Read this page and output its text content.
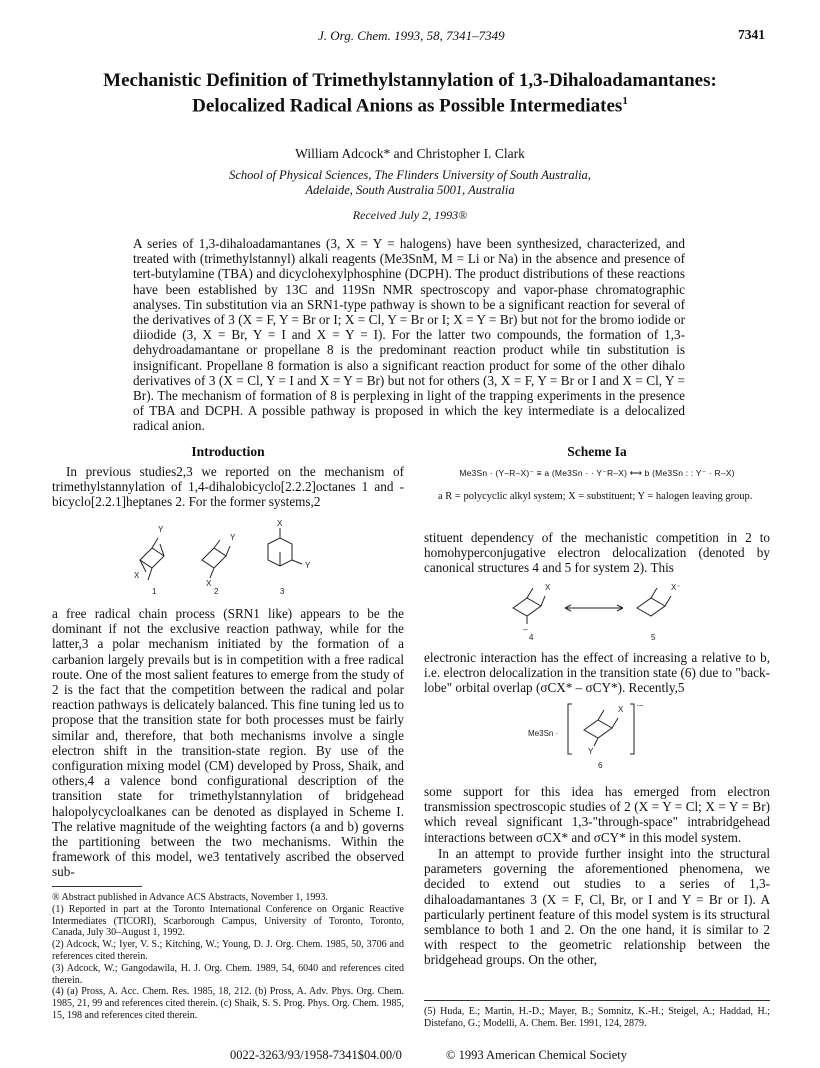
J. Org. Chem. 1993, 58, 7341–7349	7341
Mechanistic Definition of Trimethylstannylation of 1,3-Dihaloadamantanes: Delocalized Radical Anions as Possible Intermediates$^1$
William Adcock* and Christopher I. Clark
School of Physical Sciences, The Flinders University of South Australia,
Adelaide, South Australia 5001, Australia
Received July 2, 1993®
A series of 1,3-dihaloadamantanes (3, X = Y = halogens) have been synthesized, characterized, and treated with (trimethylstannyl) alkali reagents (Me3SnM, M = Li or Na) in the absence and presence of tert-butylamine (TBA) and dicyclohexylphosphine (DCPH). The product distributions of these reactions have been established by 13C and 119Sn NMR spectroscopy and vapor-phase chromatographic analyses. Tin substitution via an SRN1-type pathway is shown to be a significant reaction for several of the derivatives of 3 (X = F, Y = Br or I; X = Cl, Y = Br or I; X = Y = Br) but not for the bromo iodide or diiodide (3, X = Br, Y = I and X = Y = I). For the latter two compounds, the formation of 1,3-dehydroadamantane or propellane 8 is the predominant reaction product while tin substitution is insignificant. Propellane 8 formation is also a significant reaction product for some of the other dihalo derivatives of 3 (X = Cl, Y = I and X = Y = Br) but not for others (3, X = F, Y = Br or I and X = Cl, Y = Br). The mechanism of formation of 8 is perplexing in light of the trapping experiments in the presence of TBA and DCPH. A possible pathway is proposed in which the key intermediate is a delocalized radical anion.
Introduction

In previous studies2,3 we reported on the mechanism of trimethylstannylation of 1,4-dihalobicyclo[2.2.2]octanes 1 and -bicyclo[2.2.1]heptanes 2. For the former systems,2

Y
X
Y
X
X
Y
1	2	3

a free radical chain process (SRN1 like) appears to be the dominant if not the exclusive reaction pathway, while for the latter,3 a polar mechanism initiated by the formation of a carbanion largely prevails but is in competition with a free radical route. One of the most salient features to emerge from the study of 2 is the fact that the competition between the radical and polar reaction pathways is delicately balanced. This fine tuning led us to propose that the transition state for both processes must be fairly similar and, therefore, that both mechanisms involve a single electron shift in the transition-state region. By use of the configuration mixing model (CM) developed by Pross, Shaik, and others,4 a valence bond configurational description of the transition state for trimethylstannylation of bridgehead halopolycycloalkanes can be denoted as displayed in Scheme I. The relative magnitude of the weighting factors (a and b) governs the partitioning between the two mechanisms. Within the framework of this model, we3 tentatively ascribed the observed sub-

® Abstract published in Advance ACS Abstracts, November 1, 1993.
(1) Reported in part at the Toronto International Conference on Organic Reactive Intermediates (TICORI), Scarborough Campus, University of Toronto, Toronto, Canada, July 30–August 1, 1992.
(2) Adcock, W.; Iyer, V. S.; Kitching, W.; Young, D. J. Org. Chem. 1985, 50, 3706 and references cited therein.
(3) Adcock, W.; Gangodawila, H. J. Org. Chem. 1989, 54, 6040 and references cited therein.
(4) (a) Pross, A. Acc. Chem. Res. 1985, 18, 212. (b) Pross, A. Adv. Phys. Org. Chem. 1985, 21, 99 and references cited therein. (c) Shaik, S. S. Prog. Phys. Org. Chem. 1985, 15, 198 and references cited therein.
Scheme Ia
Me3Sn · (Y–R–X)⁻ ≡ a (Me3Sn · · Y⁻R–X) ⟷ b (Me3Sn : : Y⁻ · R–X)
a R = polycyclic alkyl system; X = substituent; Y = halogen leaving group.

stituent dependency of the mechanistic competition in 2 to homohyperconjugative electron delocalization (denoted by canonical structures 4 and 5 for system 2). This

X
–
X⁻
4	5

electronic interaction has the effect of increasing a relative to b, i.e. electron delocalization in the transition state (6) due to "back-lobe" orbital overlap (σCX* – σCY*). Recently,5

Me3Sn ·
X
Y
·−
6

some support for this idea has emerged from electron transmission spectroscopic studies of 2 (X = Y = Cl; X = Y = Br) which reveal significant 1,3-"through-space" intrabridgehead interactions between σCX* and σCY* in this model system.

In an attempt to provide further insight into the structural parameters governing the aforementioned phenomena, we decided to extend out studies to a series of 1,3-dihaloadamantanes 3 (X = F, Cl, Br, or I and Y = Br or I). A particularly pertinent feature of this model system is its structural semblance to both 1 and 2. On the one hand, it is similar to 2 with respect to the geometric relationship between the bridgehead groups. On the other,

(5) Huda, E.; Martin, H.-D.; Mayer, B.; Somnitz, K.-H.; Steigel, A.; Haddad, H.; Distefano, G.; Modelli, A. Chem. Ber. 1991, 124, 2879.
0022-3263/93/1958-7341$04.00/0	© 1993 American Chemical Society
